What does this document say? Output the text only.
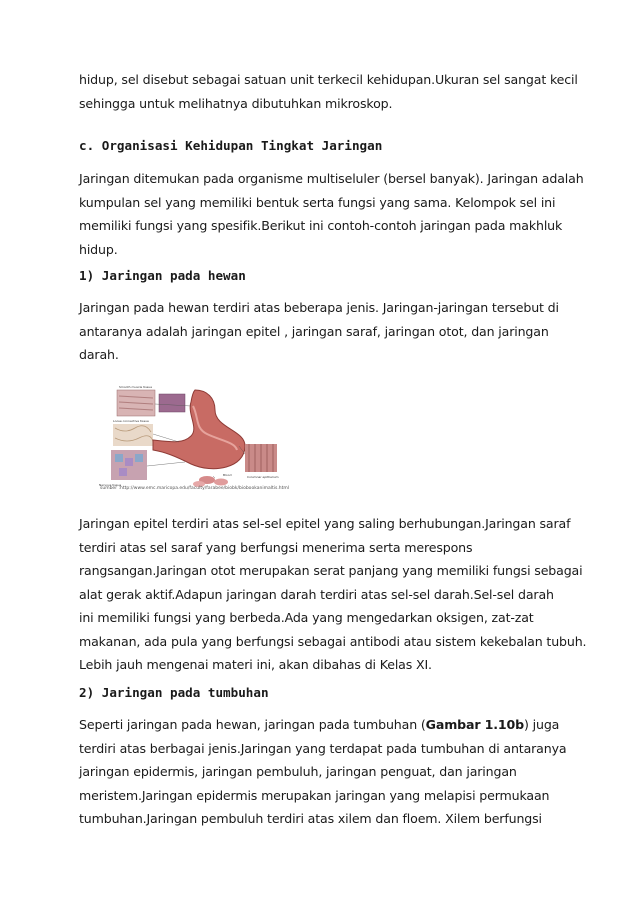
hidup, sel disebut sebagai satuan unit terkecil kehidupan.Ukuran sel sangat kecil
sehingga untuk melihatnya dibutuhkan mikroskop.

c. Organisasi Kehidupan Tingkat Jaringan

Jaringan ditemukan pada organisme multiseluler (bersel banyak). Jaringan adalah
kumpulan sel yang memiliki bentuk serta fungsi yang sama. Kelompok sel ini
memiliki fungsi yang spesifik.Berikut ini contoh-contoh jaringan pada makhluk
hidup.

1) Jaringan pada hewan

Jaringan pada hewan terdiri atas beberapa jenis. Jaringan-jaringan tersebut di
antaranya adalah jaringan epitel , jaringan saraf, jaringan otot, dan jaringan
darah.

Smooth muscle tissue
Loose connective tissue
Nervous tissue
Blood	Columnar epithelium
sumber :http://www.emc.maricopa.edu/faculty/farabee/biobk/biobookanimaltis.html

Jaringan epitel terdiri atas sel-sel epitel yang saling berhubungan.Jaringan saraf
terdiri atas sel saraf yang berfungsi menerima serta merespons
rangsangan.Jaringan otot merupakan serat panjang yang memiliki fungsi sebagai
alat gerak aktif.Adapun jaringan darah terdiri atas sel-sel darah.Sel-sel darah
ini memiliki fungsi yang berbeda.Ada yang mengedarkan oksigen, zat-zat
makanan, ada pula yang berfungsi sebagai antibodi atau sistem kekebalan tubuh.
Lebih jauh mengenai materi ini, akan dibahas di Kelas XI.

2) Jaringan pada tumbuhan

Seperti jaringan pada hewan, jaringan pada tumbuhan (Gambar 1.10b) juga
terdiri atas berbagai jenis.Jaringan yang terdapat pada tumbuhan di antaranya
jaringan epidermis, jaringan pembuluh, jaringan penguat, dan jaringan
meristem.Jaringan epidermis merupakan jaringan yang melapisi permukaan
tumbuhan.Jaringan pembuluh terdiri atas xilem dan floem. Xilem berfungsi
